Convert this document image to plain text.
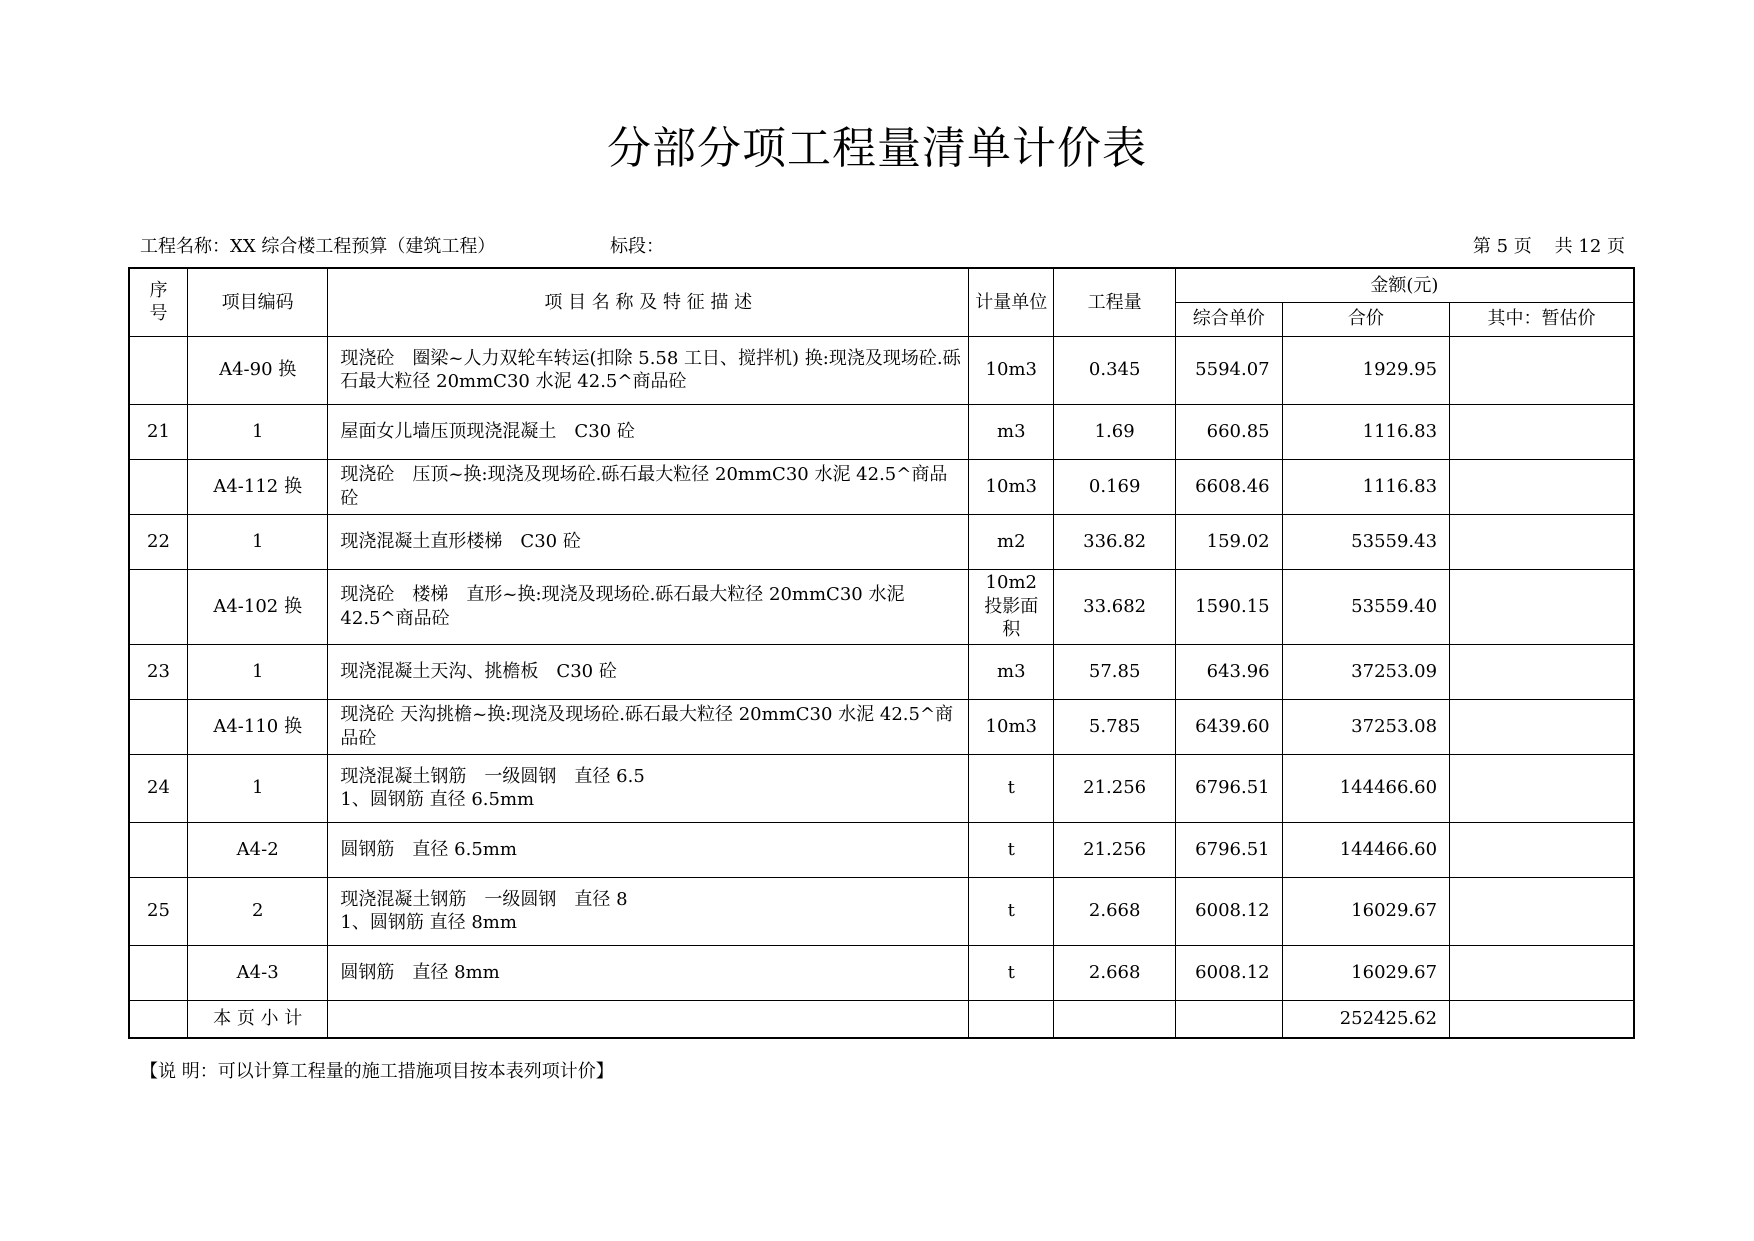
分部分项工程量清单计价表
工程名称：XX 综合楼工程预算（建筑工程）	标段：	第 5 页 共 12 页
序号	项目编码	项 目 名 称 及 特 征 描 述	计量单位	工程量	金额(元)		
					综合单价	合价	其中：暂估价
	A4-90 换	现浇砼　圈梁~人力双轮车转运(扣除 5.58 工日、搅拌机) 换:现浇及现场砼.砾石最大粒径 20mmC30 水泥 42.5^商品砼	10m3	0.345	5594.07	1929.95	
21	1	屋面女儿墙压顶现浇混凝土　C30 砼	m3	1.69	660.85	1116.83	
	A4-112 换	现浇砼　压顶~换:现浇及现场砼.砾石最大粒径 20mmC30 水泥 42.5^商品砼	10m3	0.169	6608.46	1116.83	
22	1	现浇混凝土直形楼梯　C30 砼	m2	336.82	159.02	53559.43	
	A4-102 换	现浇砼　楼梯　直形~换:现浇及现场砼.砾石最大粒径 20mmC30 水泥 42.5^商品砼	10m2 投影面积	33.682	1590.15	53559.40	
23	1	现浇混凝土天沟、挑檐板　C30 砼	m3	57.85	643.96	37253.09	
	A4-110 换	现浇砼 天沟挑檐~换:现浇及现场砼.砾石最大粒径 20mmC30 水泥 42.5^商品砼	10m3	5.785	6439.60	37253.08	
24	1	现浇混凝土钢筋　一级圆钢　直径 6.5
1、圆钢筋 直径 6.5mm	t	21.256	6796.51	144466.60	
	A4-2	圆钢筋　直径 6.5mm	t	21.256	6796.51	144466.60	
25	2	现浇混凝土钢筋　一级圆钢　直径 8
1、圆钢筋 直径 8mm	t	2.668	6008.12	16029.67	
	A4-3	圆钢筋　直径 8mm	t	2.668	6008.12	16029.67	
	本 页 小 计					252425.62	
【说 明：可以计算工程量的施工措施项目按本表列项计价】
